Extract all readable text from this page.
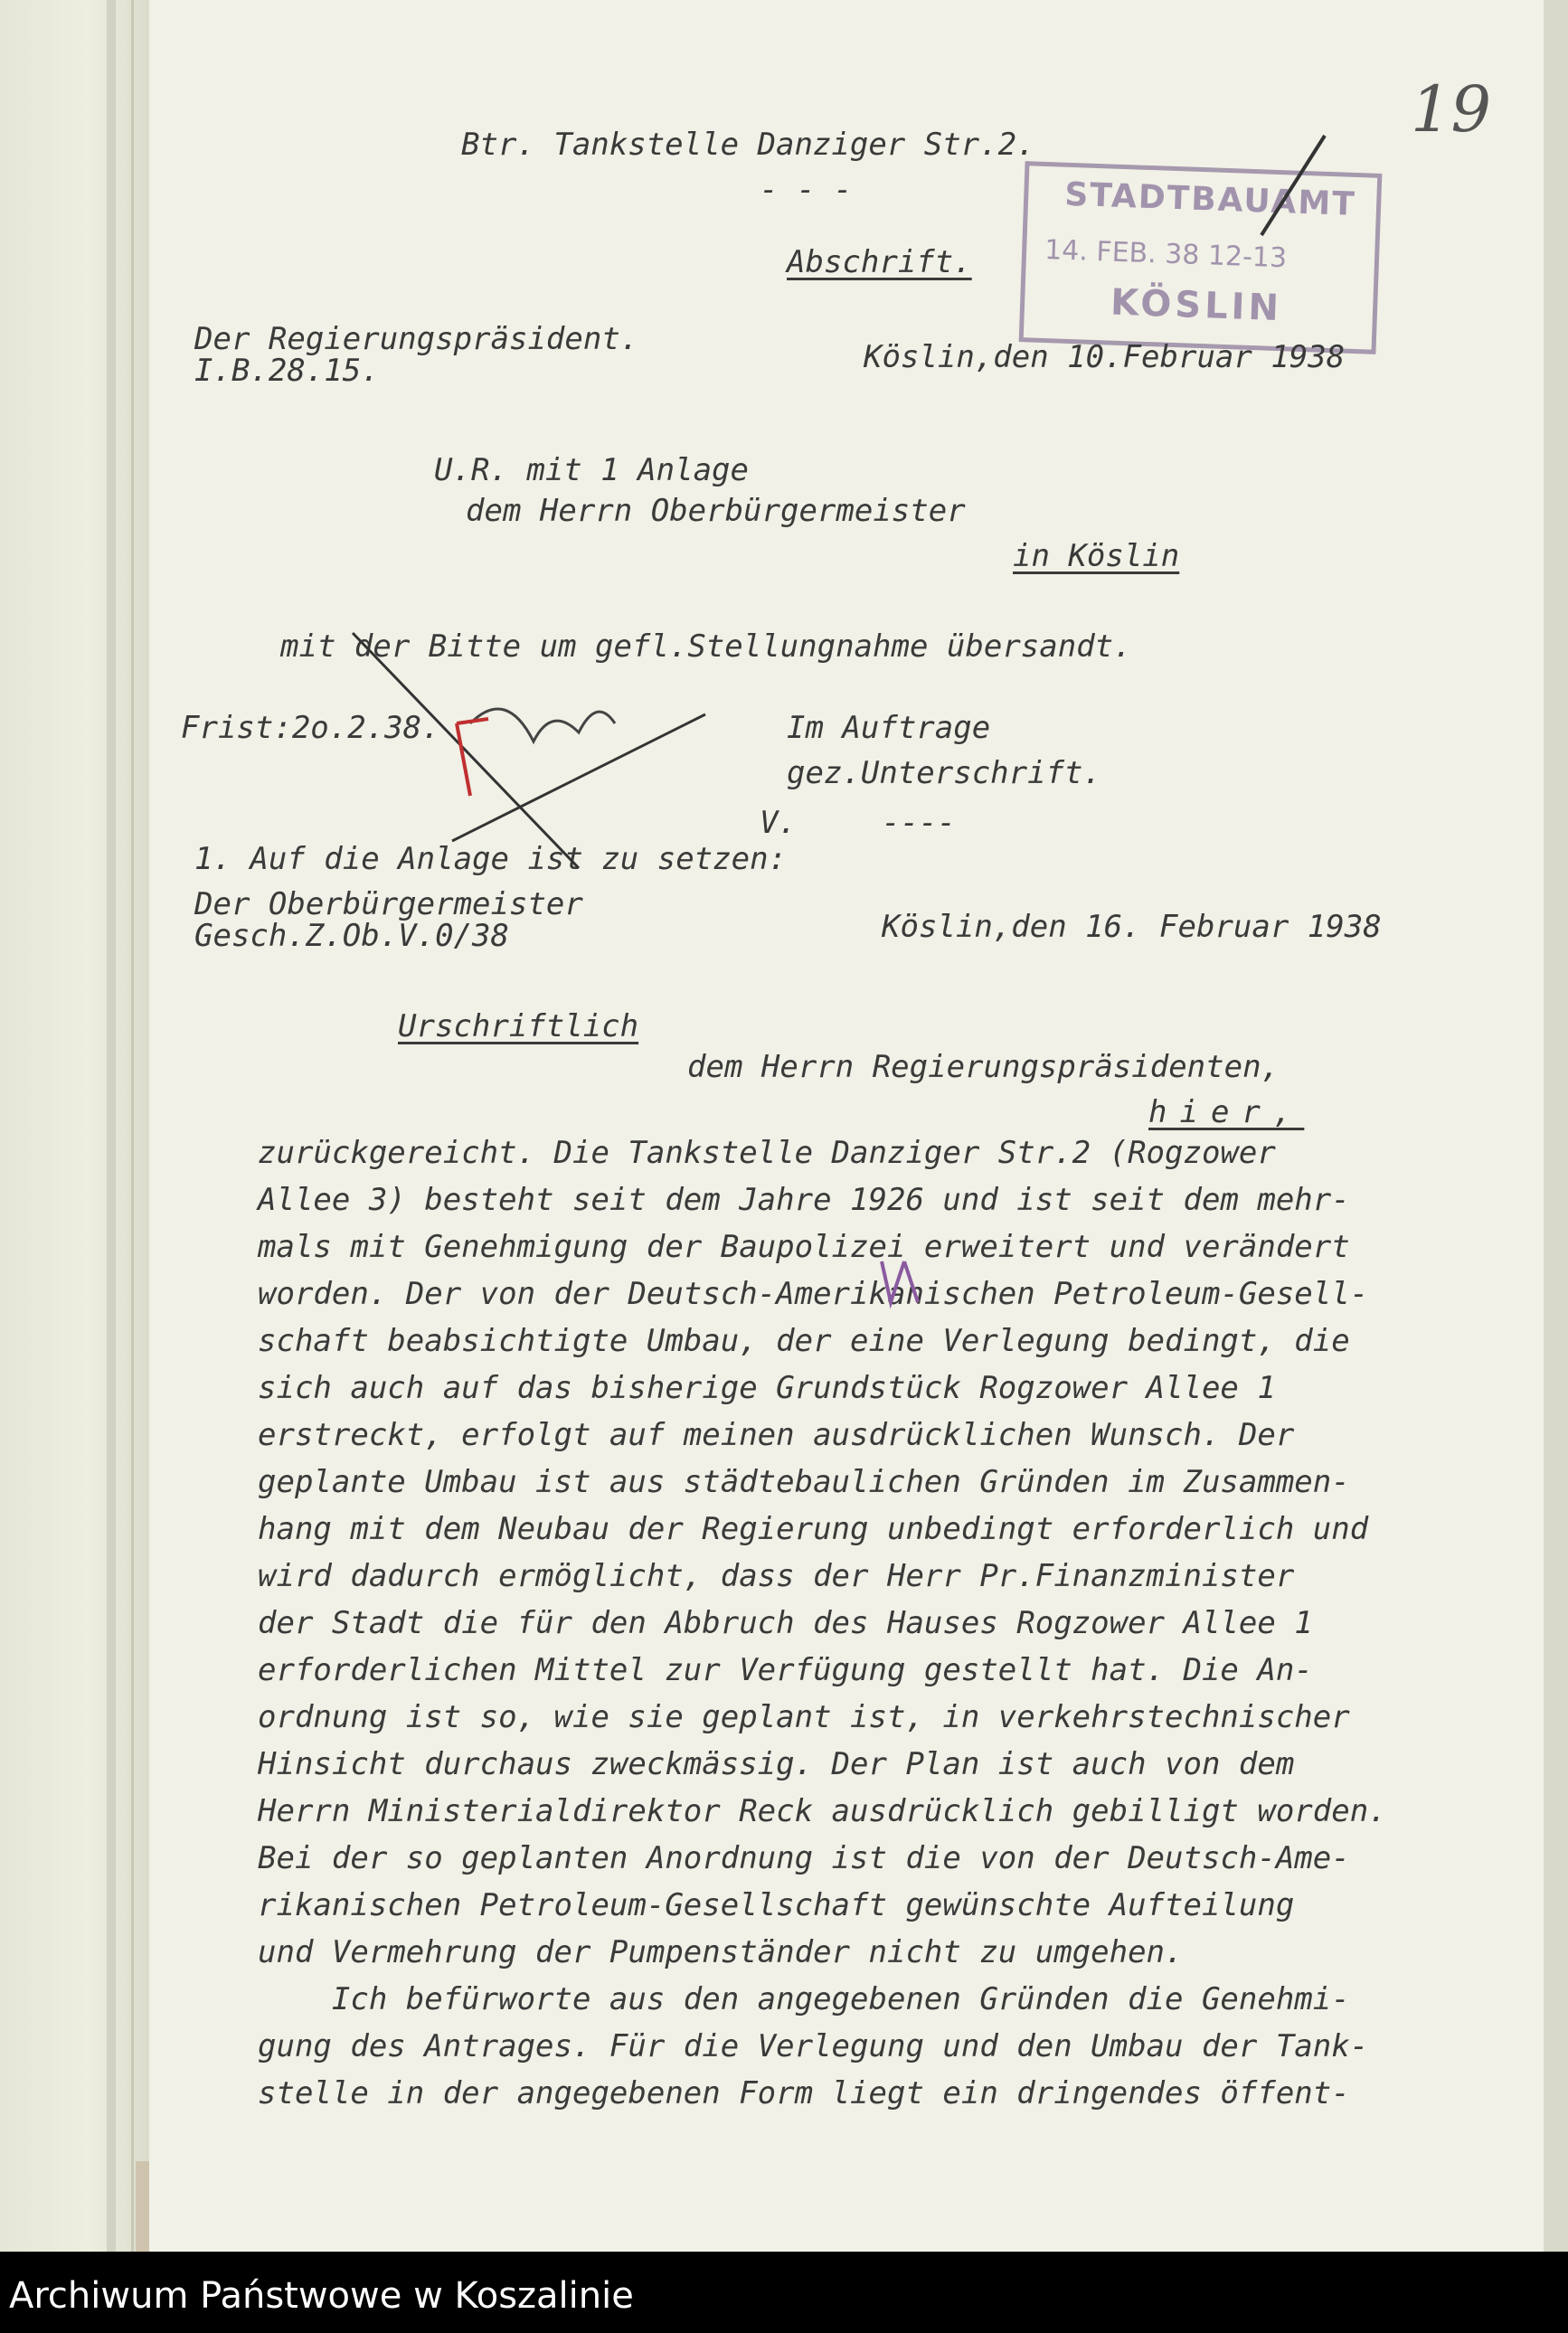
19
STADTBAUAMT
14. FEB. 38 12-13
KÖSLIN
Btr. Tankstelle Danziger Str.2.
- - -
Abschrift.
Der Regierungspräsident.
I.B.28.15.	Köslin,den 10.Februar 1938
U.R. mit 1 Anlage
dem Herrn Oberbürgermeister
in Köslin
mit der Bitte um gefl.Stellungnahme übersandt.
Frist:2o.2.38.	Im Auftrage
gez.Unterschrift.
V.	----
1. Auf die Anlage ist zu setzen:
Der Oberbürgermeister
Gesch.Z.Ob.V.0/38	Köslin,den 16. Februar 1938
Urschriftlich
dem Herrn Regierungspräsidenten,
hier,
zurückgereicht. Die Tankstelle Danziger Str.2 (Rogzower
Allee 3) besteht seit dem Jahre 1926 und ist seit dem mehr-
mals mit Genehmigung der Baupolizei erweitert und verändert
worden. Der von der Deutsch-Amerikanischen Petroleum-Gesell-
schaft beabsichtigte Umbau, der eine Verlegung bedingt, die
sich auch auf das bisherige Grundstück Rogzower Allee 1
erstreckt, erfolgt auf meinen ausdrücklichen Wunsch. Der
geplante Umbau ist aus städtebaulichen Gründen im Zusammen-
hang mit dem Neubau der Regierung unbedingt erforderlich und
wird dadurch ermöglicht, dass der Herr Pr.Finanzminister
der Stadt die für den Abbruch des Hauses Rogzower Allee 1
erforderlichen Mittel zur Verfügung gestellt hat. Die An-
ordnung ist so, wie sie geplant ist, in verkehrstechnischer
Hinsicht durchaus zweckmässig. Der Plan ist auch von dem
Herrn Ministerialdirektor Reck ausdrücklich gebilligt worden.
Bei der so geplanten Anordnung ist die von der Deutsch-Ame-
rikanischen Petroleum-Gesellschaft gewünschte Aufteilung
und Vermehrung der Pumpenständer nicht zu umgehen.
Ich befürworte aus den angegebenen Gründen die Genehmi-
gung des Antrages. Für die Verlegung und den Umbau der Tank-
stelle in der angegebenen Form liegt ein dringendes öffent-
Archiwum Państwowe w Koszalinie
